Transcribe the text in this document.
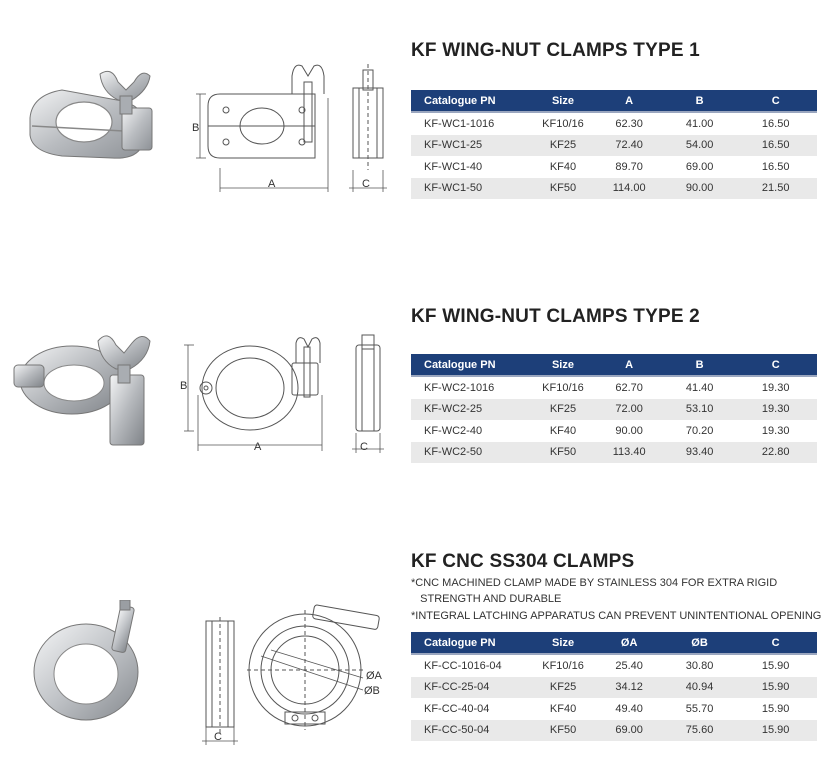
B
A	C
KF WING-NUT CLAMPS TYPE 1
Catalogue PN	Size	A	B	C
KF-WC1-1016	KF10/16	62.30	41.00	16.50
KF-WC1-25	KF25	72.40	54.00	16.50
KF-WC1-40	KF40	89.70	69.00	16.50
KF-WC1-50	KF50	114.00	90.00	21.50
B
A	C
KF WING-NUT CLAMPS TYPE 2
Catalogue PN	Size	A	B	C
KF-WC2-1016	KF10/16	62.70	41.40	19.30
KF-WC2-25	KF25	72.00	53.10	19.30
KF-WC2-40	KF40	90.00	70.20	19.30
KF-WC2-50	KF50	113.40	93.40	22.80
C
ØA
ØB
KF CNC SS304 CLAMPS
*CNC MACHINED CLAMP MADE BY STAINLESS 304 FOR EXTRA RIGID
STRENGTH AND DURABLE
*INTEGRAL LATCHING APPARATUS CAN PREVENT UNINTENTIONAL OPENING
Catalogue PN	Size	ØA	ØB	C
KF-CC-1016-04	KF10/16	25.40	30.80	15.90
KF-CC-25-04	KF25	34.12	40.94	15.90
KF-CC-40-04	KF40	49.40	55.70	15.90
KF-CC-50-04	KF50	69.00	75.60	15.90
